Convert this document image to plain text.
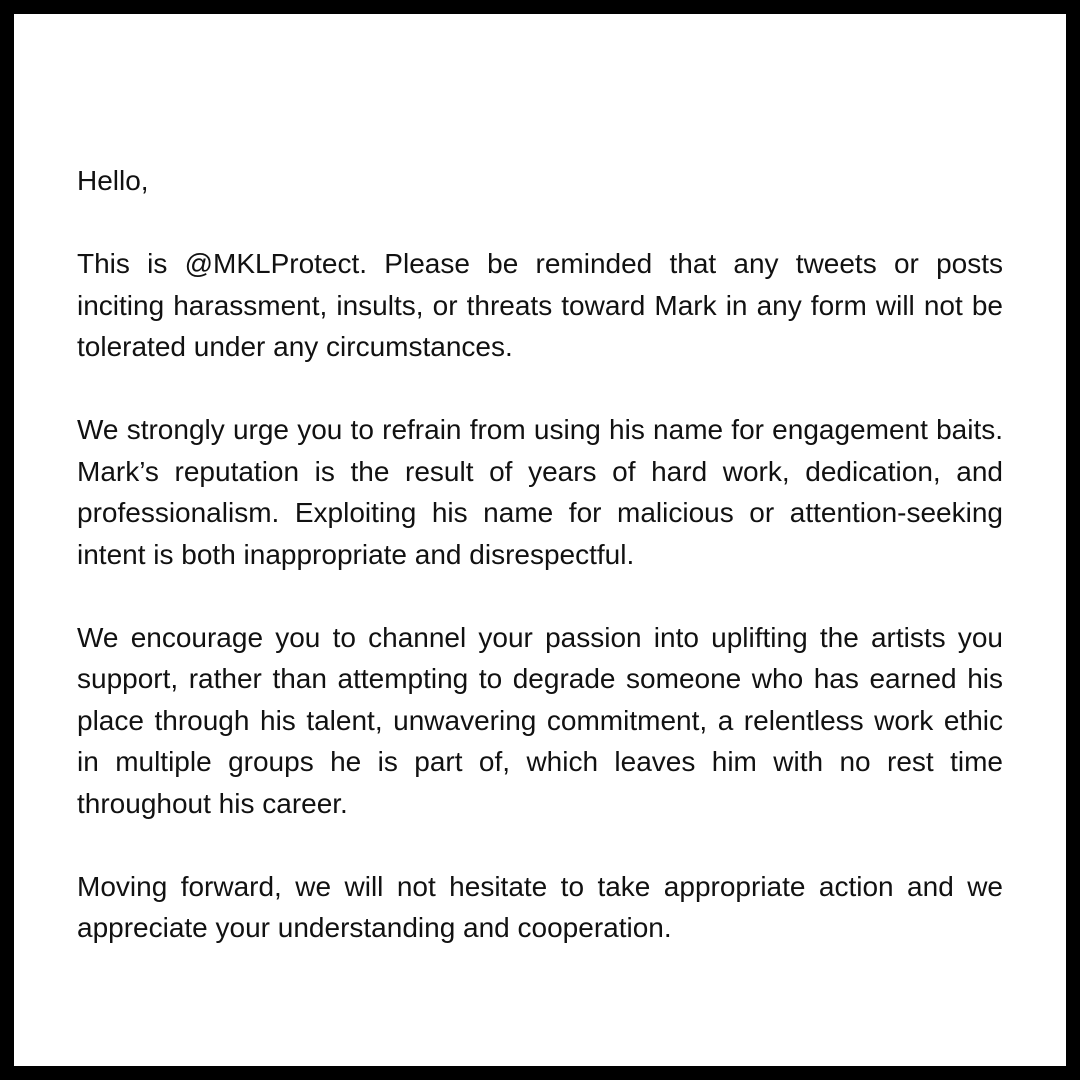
Hello,

This is @MKLProtect. Please be reminded that any tweets or posts inciting harassment, insults, or threats toward Mark in any form will not be tolerated under any circumstances.

We strongly urge you to refrain from using his name for engagement baits. Mark’s reputation is the result of years of hard work, dedication, and professionalism. Exploiting his name for malicious or attention-seeking intent is both inappropriate and disrespectful.

We encourage you to channel your passion into uplifting the artists you support, rather than attempting to degrade someone who has earned his place through his talent, unwavering commitment, a relentless work ethic in multiple groups he is part of, which leaves him with no rest time throughout his career.

Moving forward, we will not hesitate to take appropriate action and we appreciate your understanding and cooperation.
